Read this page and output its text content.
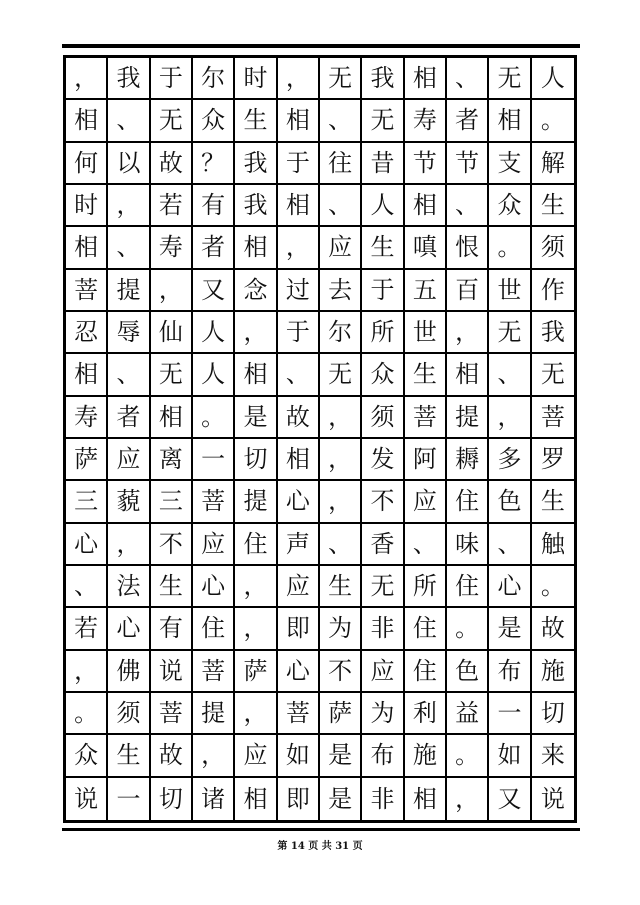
， 我 于 尔 时 ， 无 我 相 、 无 人
相 、 无 众 生 相 、 无 寿 者 相 。
何 以 故 ？ 我 于 往 昔 节 节 支 解
时 ， 若 有 我 相 、 人 相 、 众 生
相 、 寿 者 相 ， 应 生 嗔 恨 。 须
菩 提 ， 又 念 过 去 于 五 百 世 作
忍 辱 仙 人 ， 于 尔 所 世 ， 无 我
相 、 无 人 相 、 无 众 生 相 、 无
寿 者 相 。 是 故 ， 须 菩 提 ， 菩
萨 应 离 一 切 相 ， 发 阿 耨 多 罗
三 藐 三 菩 提 心 ， 不 应 住 色 生
心 ， 不 应 住 声 、 香 、 味 、 触
、 法 生 心 ， 应 生 无 所 住 心 。
若 心 有 住 ， 即 为 非 住 。 是 故
， 佛 说 菩 萨 心 不 应 住 色 布 施
。 须 菩 提 ， 菩 萨 为 利 益 一 切
众 生 故 ， 应 如 是 布 施 。 如 来
说 一 切 诸 相 即 是 非 相 ， 又 说
第 14 页 共 31 页
